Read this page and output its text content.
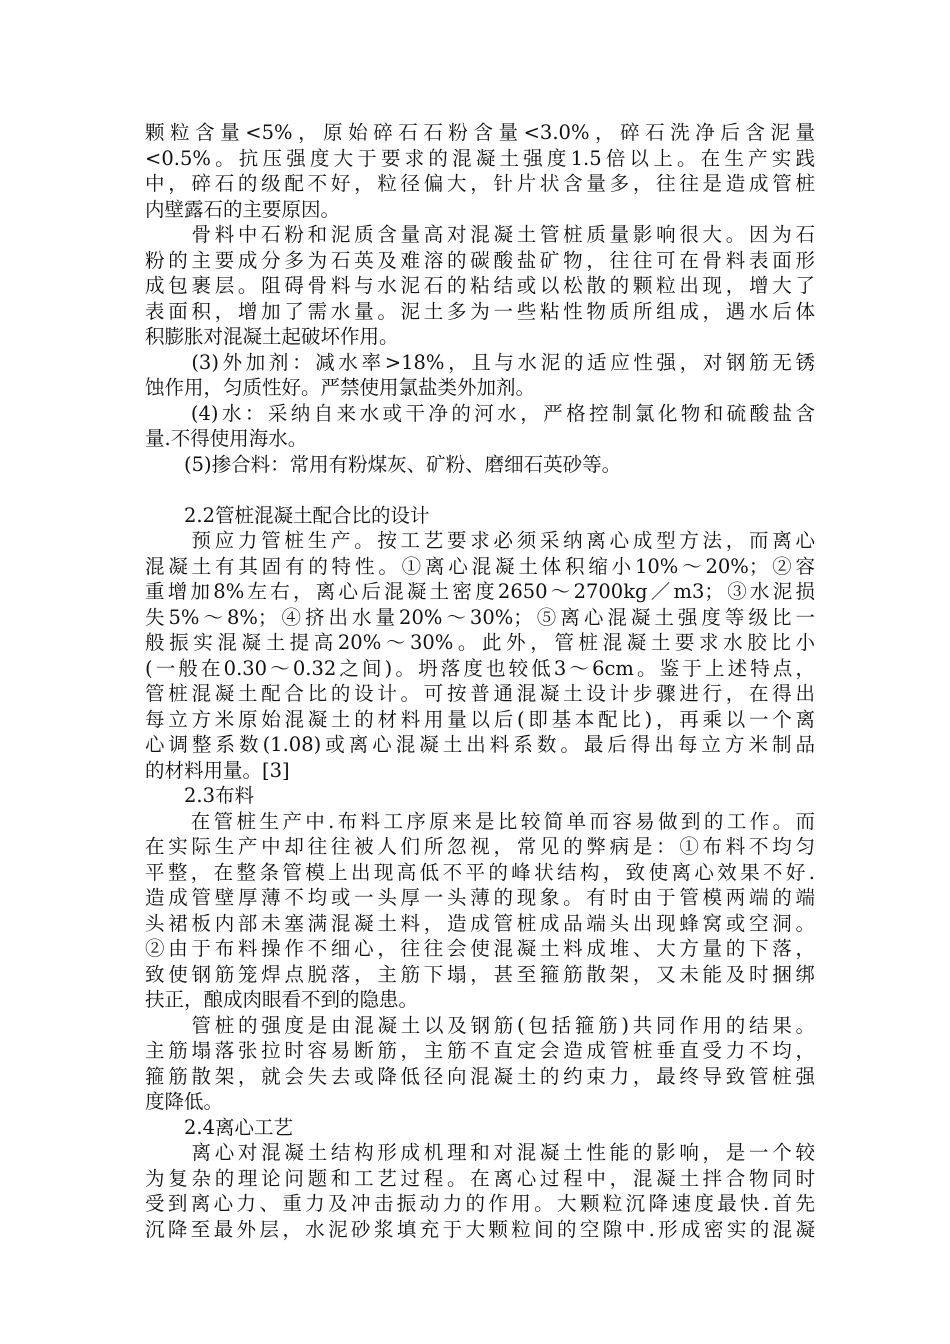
颗粒含量<5%，原始碎石石粉含量<3.0%，碎石洗净后含泥量
<0.5%。抗压强度大于要求的混凝土强度1.5倍以上。在生产实践
中，碎石的级配不好，粒径偏大，针片状含量多，往往是造成管桩
内壁露石的主要原因。
　　骨料中石粉和泥质含量高对混凝土管桩质量影响很大。因为石
粉的主要成分多为石英及难溶的碳酸盐矿物，往往可在骨料表面形
成包裹层。阻碍骨料与水泥石的粘结或以松散的颗粒出现，增大了
表面积，增加了需水量。泥土多为一些粘性物质所组成，遇水后体
积膨胀对混凝土起破坏作用。
　　(3)外加剂：减水率>18%，且与水泥的适应性强，对钢筋无锈
蚀作用，匀质性好。严禁使用氯盐类外加剂。
　　(4)水：采纳自来水或干净的河水，严格控制氯化物和硫酸盐含
量.不得使用海水。
　　(5)掺合料：常用有粉煤灰、矿粉、磨细石英砂等。
　　2.2管桩混凝土配合比的设计
　　预应力管桩生产。按工艺要求必须采纳离心成型方法，而离心
混凝土有其固有的特性。①离心混凝土体积缩小10%～20%；②容
重增加8%左右，离心后混凝土密度2650～2700kg／m3；③水泥损
失5%～8%；④挤出水量20%～30%；⑤离心混凝土强度等级比一
般振实混凝土提高20%～30%。此外，管桩混凝土要求水胶比小
(一般在0.30～0.32之间)。坍落度也较低3～6cm。鉴于上述特点，
管桩混凝土配合比的设计。可按普通混凝土设计步骤进行，在得出
每立方米原始混凝土的材料用量以后(即基本配比)，再乘以一个离
心调整系数(1.08)或离心混凝土出料系数。最后得出每立方米制品
的材料用量。[3]
　　2.3布料
　　在管桩生产中.布料工序原来是比较简单而容易做到的工作。而
在实际生产中却往往被人们所忽视，常见的弊病是：①布料不均匀
平整，在整条管模上出现高低不平的峰状结构，致使离心效果不好.
造成管壁厚薄不均或一头厚一头薄的现象。有时由于管模两端的端
头裙板内部未塞满混凝土料，造成管桩成品端头出现蜂窝或空洞。
②由于布料操作不细心，往往会使混凝土料成堆、大方量的下落，
致使钢筋笼焊点脱落，主筋下塌，甚至箍筋散架，又未能及时捆绑
扶正，酿成肉眼看不到的隐患。
　　管桩的强度是由混凝土以及钢筋(包括箍筋)共同作用的结果。
主筋塌落张拉时容易断筋，主筋不直定会造成管桩垂直受力不均，
箍筋散架，就会失去或降低径向混凝土的约束力，最终导致管桩强
度降低。
　　2.4离心工艺
　　离心对混凝土结构形成机理和对混凝土性能的影响，是一个较
为复杂的理论问题和工艺过程。在离心过程中，混凝土拌合物同时
受到离心力、重力及冲击振动力的作用。大颗粒沉降速度最快.首先
沉降至最外层，水泥砂浆填充于大颗粒间的空隙中.形成密实的混凝
